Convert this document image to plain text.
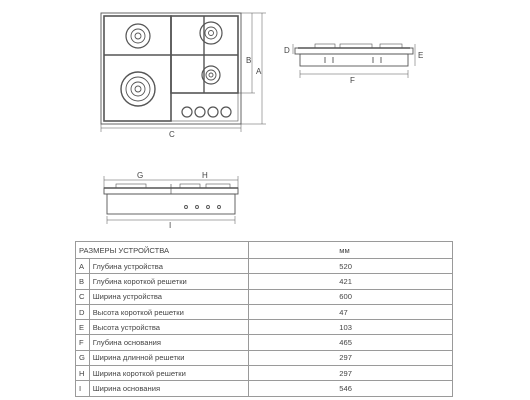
B
A
C
D
E
F
G	H
I
РАЗМЕРЫ УСТРОЙСТВА		мм
A	Глубина устройства	520
B	Глубина короткой решетки	421
C	Ширина устройства	600
D	Высота короткой решетки	47
E	Высота устройства	103
F	Глубина основания	465
G	Ширина длинной решетки	297
H	Ширина короткой решетки	297
I	Ширина основания	546
